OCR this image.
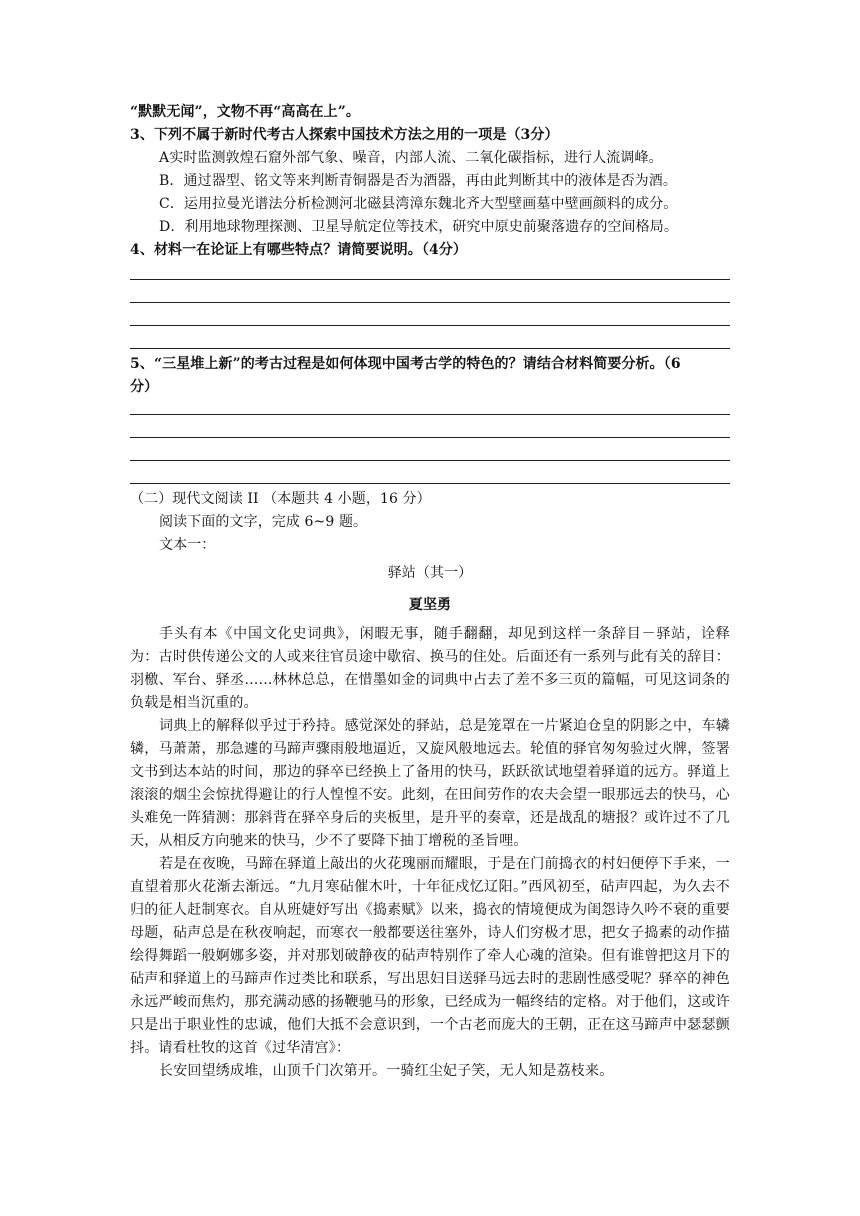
“默默无闻”，文物不再“高高在上”。
3、下列不属于新时代考古人探索中国技术方法之用的一项是（3分）
A实时监测敦煌石窟外部气象、噪音，内部人流、二氧化碳指标，进行人流调峰。
B．通过器型、铭文等来判断青铜器是否为酒器，再由此判断其中的液体是否为酒。
C．运用拉曼光谱法分析检测河北磁县湾漳东魏北齐大型壁画墓中壁画颜料的成分。
D．利用地球物理探测、卫星导航定位等技术，研究中原史前聚落遗存的空间格局。
4、材料一在论证上有哪些特点？请简要说明。（4分）
5、“三星堆上新”的考古过程是如何体现中国考古学的特色的？请结合材料简要分析。（6
分）
（二）现代文阅读 II （本题共 4 小题，16 分）
阅读下面的文字，完成 6~9 题。
文本一：
驿站（其一）
夏坚勇

手头有本《中国文化史词典》，闲暇无事，随手翻翻，却见到这样一条辞目－驿站，诠释为：古时供传递公文的人或来往官员途中歇宿、换马的住处。后面还有一系列与此有关的辞目：羽檄、军台、驿丞……林林总总，在惜墨如金的词典中占去了差不多三页的篇幅，可见这词条的负载是相当沉重的。

词典上的解释似乎过于矜持。感觉深处的驿站，总是笼罩在一片紧迫仓皇的阴影之中，车辚辚，马萧萧，那急遽的马蹄声骤雨般地逼近，又旋风般地远去。轮值的驿官匆匆验过火牌，签署文书到达本站的时间，那边的驿卒已经换上了备用的快马，跃跃欲试地望着驿道的远方。驿道上滚滚的烟尘会惊扰得避让的行人惶惶不安。此刻，在田间劳作的农夫会望一眼那远去的快马，心头难免一阵猜测：那斜背在驿卒身后的夹板里，是升平的奏章，还是战乱的塘报？或许过不了几天，从相反方向驰来的快马，少不了要降下抽丁增税的圣旨哩。

若是在夜晚，马蹄在驿道上敲出的火花瑰丽而耀眼，于是在门前捣衣的村妇便停下手来，一直望着那火花渐去渐远。“九月寒砧催木叶，十年征戍忆辽阳。”西风初至，砧声四起，为久去不归的征人赶制寒衣。自从班婕妤写出《捣素赋》以来，捣衣的情境便成为闺怨诗久吟不衰的重要母题，砧声总是在秋夜响起，而寒衣一般都要送往塞外，诗人们穷极才思，把女子捣素的动作描绘得舞蹈一般婀娜多姿，并对那划破静夜的砧声特别作了牵人心魂的渲染。但有谁曾把这月下的砧声和驿道上的马蹄声作过类比和联系，写出思妇目送驿马远去时的悲剧性感受呢？驿卒的神色永远严峻而焦灼，那充满动感的扬鞭驰马的形象，已经成为一幅终结的定格。对于他们，这或许只是出于职业性的忠诚，他们大抵不会意识到，一个古老而庞大的王朝，正在这马蹄声中瑟瑟颤抖。请看杜牧的这首《过华清宫》：

长安回望绣成堆，山顶千门次第开。一骑红尘妃子笑，无人知是荔枝来。
